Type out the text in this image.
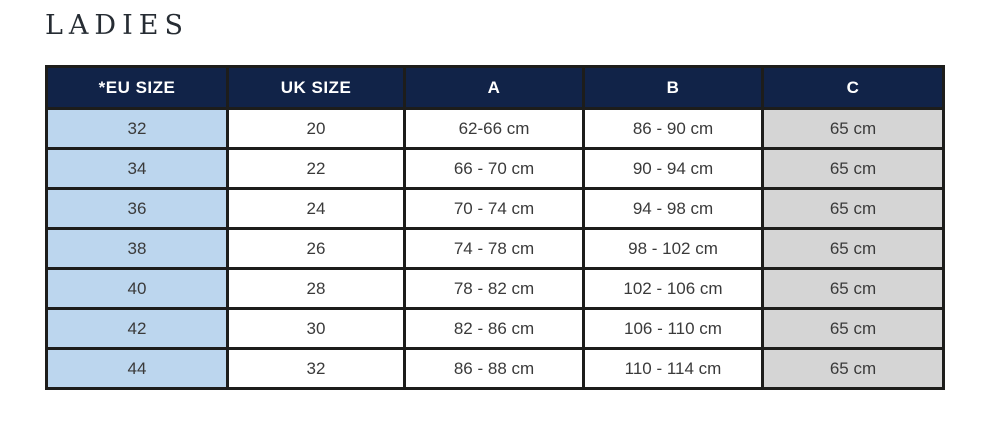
LADIES
*EU SIZE	UK SIZE	A	B	C
32	20	62-66 cm	86 - 90 cm	65 cm
34	22	66 - 70 cm	90 - 94 cm	65 cm
36	24	70 - 74 cm	94 - 98 cm	65 cm
38	26	74 - 78 cm	98 - 102 cm	65 cm
40	28	78 - 82 cm	102 - 106 cm	65 cm
42	30	82 - 86 cm	106 - 110 cm	65 cm
44	32	86 - 88 cm	110 - 114 cm	65 cm
